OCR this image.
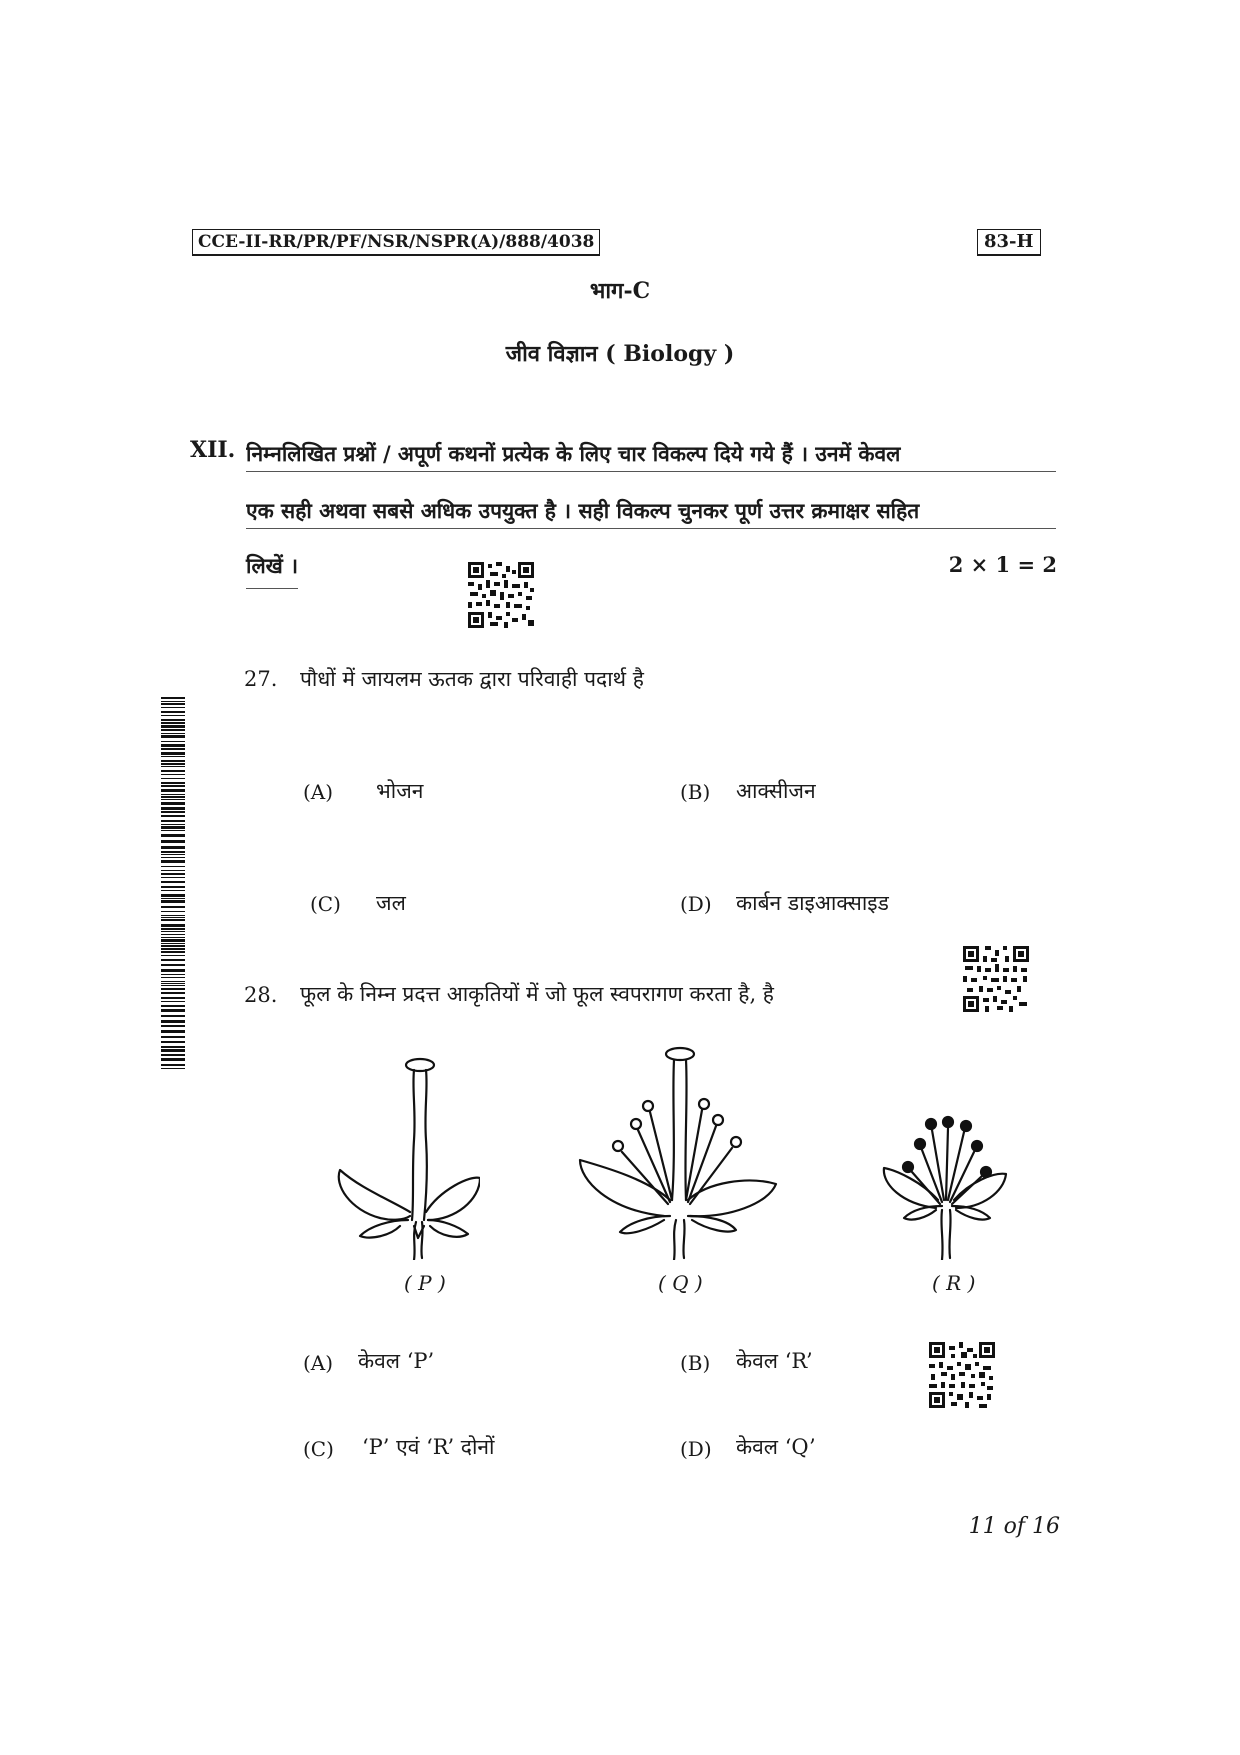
CCE-II-RR/PR/PF/NSR/NSPR(A)/888/4038	83-H
भाग-C
जीव विज्ञान ( Biology )
XII. निम्नलिखित प्रश्नों / अपूर्ण कथनों प्रत्येक के लिए चार विकल्प दिये गये हैं । उनमें केवल
एक सही अथवा सबसे अधिक उपयुक्त है । सही विकल्प चुनकर पूर्ण उत्तर क्रमाक्षर सहित
लिखें ।	2 × 1 = 2
27. पौधों में जायलम ऊतक द्वारा परिवाही पदार्थ है
(A) भोजन	(B) आक्सीजन
(C) जल	(D) कार्बन डाइआक्साइड
28. फूल के निम्न प्रदत्त आकृतियों में जो फूल स्वपरागण करता है, है
( P )	( Q )	( R )
(A) केवल ‘P’	(B) केवल ‘R’
(C) ‘P’ एवं ‘R’ दोनों	(D) केवल ‘Q’
11 of 16
